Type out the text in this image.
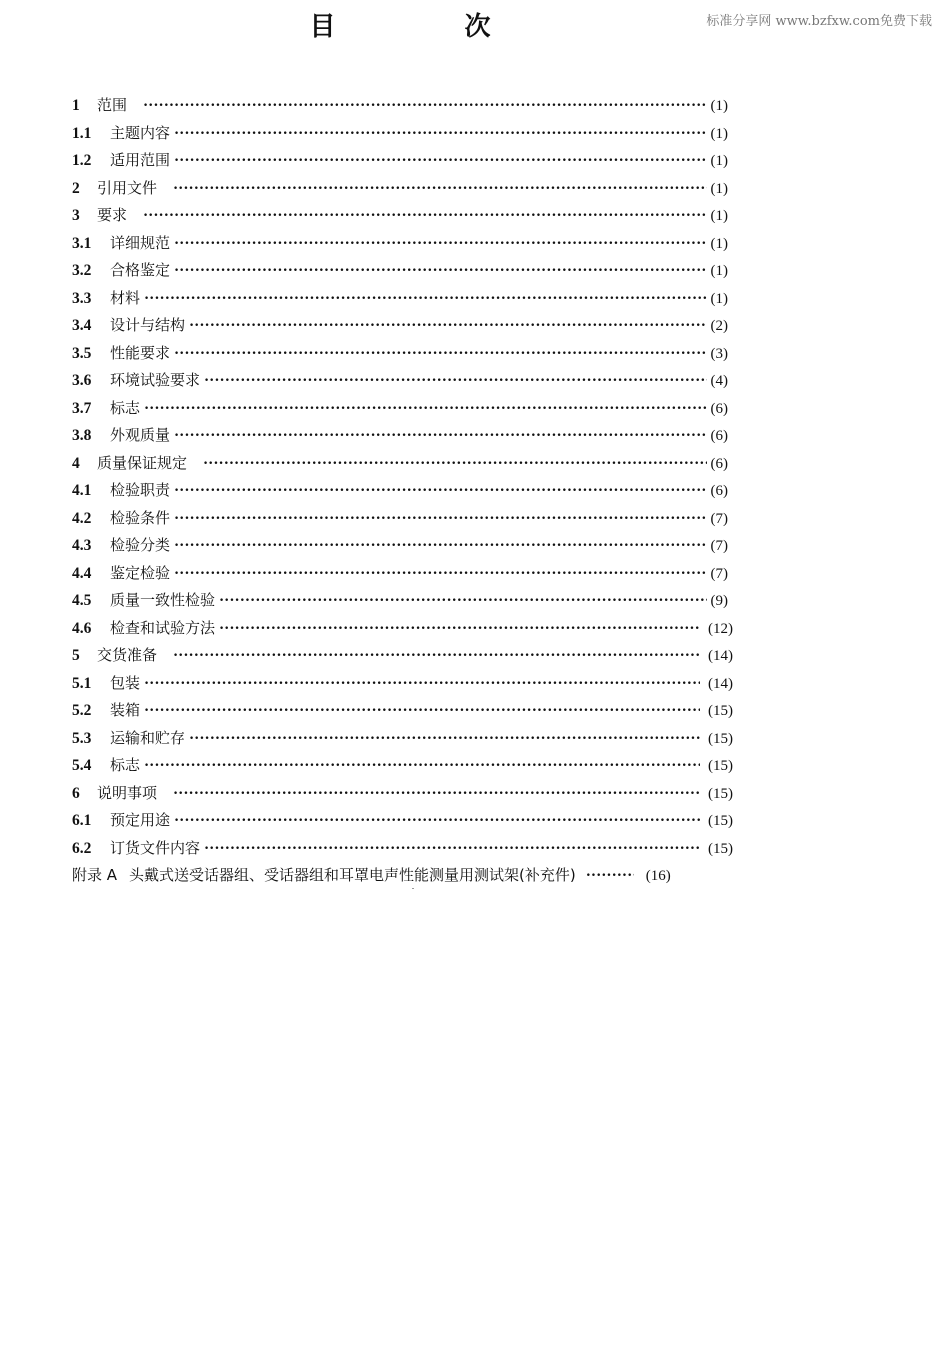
标准分享网 www.bzfxw.com免费下载
目 次
1	范围 ·····	(1)
1.1	主题内容 ·····	(1)
1.2	适用范围 ·····	(1)
2	引用文件 ·····	(1)
3	要求 ·····	(1)
3.1	详细规范 ·····	(1)
3.2	合格鉴定 ·····	(1)
3.3	材料 ·····	(1)
3.4	设计与结构 ·····	(2)
3.5	性能要求 ·····	(3)
3.6	环境试验要求 ·····	(4)
3.7	标志 ·····	(6)
3.8	外观质量 ·····	(6)
4	质量保证规定 ·····	(6)
4.1	检验职责 ·····	(6)
4.2	检验条件 ·····	(7)
4.3	检验分类 ·····	(7)
4.4	鉴定检验 ·····	(7)
4.5	质量一致性检验 ·····	(9)
4.6	检查和试验方法 ·····	(12)
5	交货准备 ·····	(14)
5.1	包装 ·····	(14)
5.2	装箱 ·····	(15)
5.3	运输和贮存 ·····	(15)
5.4	标志 ·····	(15)
6	说明事项 ·····	(15)
6.1	预定用途 ·····	(15)
6.2	订货文件内容 ·····	(15)
附录 A 头戴式送受话器组、受话器组和耳罩电声性能测量用测试架(补充件) ·····	(16)
